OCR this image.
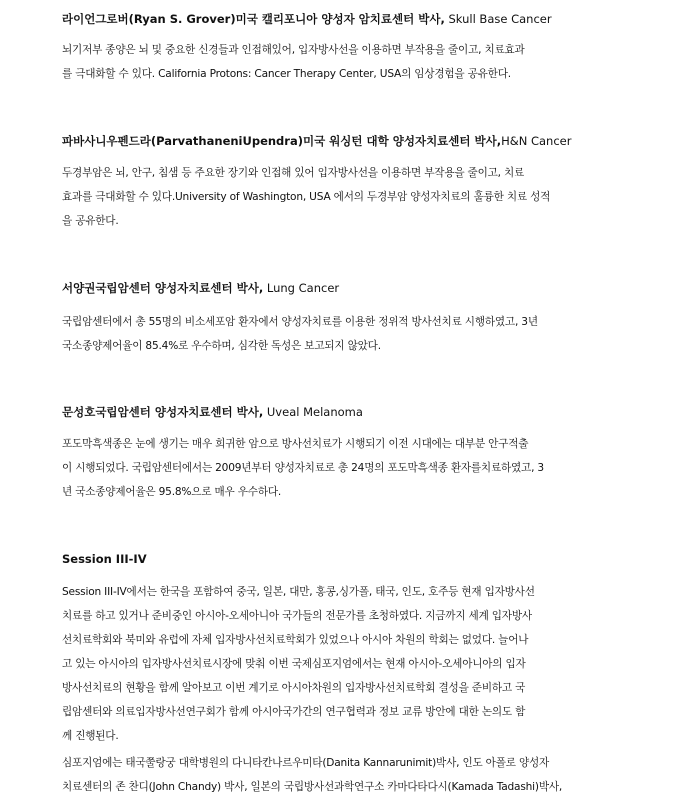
라이언그로버(Ryan S. Grover)미국 캘리포니아 양성자 암치료센터 박사, Skull Base Cancer
뇌기저부 종양은 뇌 및 중요한 신경들과 인접해있어, 입자방사선을 이용하면 부작용을 줄이고, 치료효과
를 극대화할 수 있다. California Protons: Cancer Therapy Center, USA의 임상경험을 공유한다.
파바사니우펜드라(ParvathaneniUpendra)미국 워싱턴 대학 양성자치료센터 박사,H&N Cancer
두경부암은 뇌, 안구, 침샘 등 주요한 장기와 인접해 있어 입자방사선을 이용하면 부작용을 줄이고, 치료
효과를 극대화할 수 있다.University of Washington, USA 에서의 두경부암 양성자치료의 훌륭한 치료 성적
을 공유한다.
서양권국립암센터 양성자치료센터 박사, Lung Cancer
국립암센터에서 총 55명의 비소세포암 환자에서 양성자치료를 이용한 정위적 방사선치료 시행하였고, 3년
국소종양제어율이 85.4%로 우수하며, 심각한 독성은 보고되지 않았다.
문성호국립암센터 양성자치료센터 박사, Uveal Melanoma
포도막흑색종은 눈에 생기는 매우 희귀한 암으로 방사선치료가 시행되기 이전 시대에는 대부분 안구적출
이 시행되었다. 국립암센터에서는 2009년부터 양성자치료로 총 24명의 포도막흑색종 환자를치료하였고, 3
년 국소종양제어율은 95.8%으로 매우 우수하다.
Session III-IV
Session III-IV에서는 한국을 포함하여 중국, 일본, 대만, 홍콩,싱가폴, 태국, 인도, 호주등 현재 입자방사선
치료를 하고 있거나 준비중인 아시아-오세아니아 국가들의 전문가를 초청하였다. 지금까지 세계 입자방사
선치료학회와 북미와 유럽에 자체 입자방사선치료학회가 있었으나 아시아 차원의 학회는 없었다. 늘어나
고 있는 아시아의 입자방사선치료시장에 맞춰 이번 국제심포지엄에서는 현재 아시아-오세아니아의 입자
방사선치료의 현황을 함께 알아보고 이번 계기로 아시아차원의 입자방사선치료학회 결성을 준비하고 국
립암센터와 의료입자방사선연구회가 함께 아시아국가간의 연구협력과 정보 교류 방안에 대한 논의도 함
께 진행된다.
심포지엄에는 태국쭐랑궁 대학병원의 다니타칸나르우미타(Danita Kannarunimit)박사, 인도 아폴로 양성자
치료센터의 존 찬디(John Chandy) 박사, 일본의 국립방사선과학연구소 카마다타다시(Kamada Tadashi)박사,
